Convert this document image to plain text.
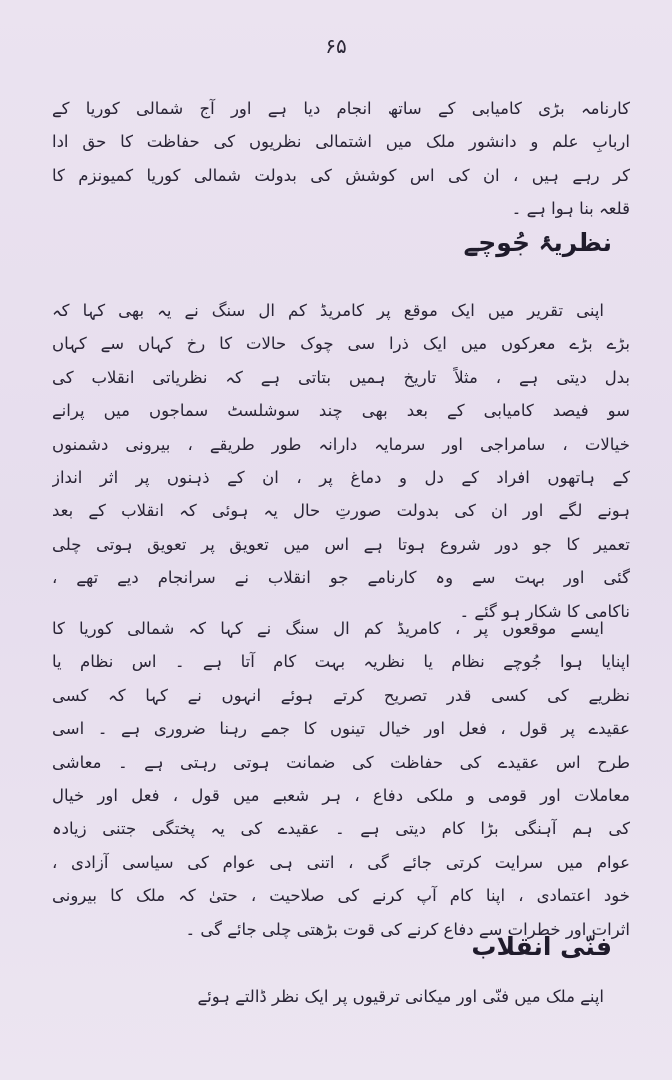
۶۵
کارنامہ بڑی کامیابی کے ساتھ انجام دیا ہے اور آج شمالی کوریا کے
اربابِ علم و دانشور ملک میں اشتمالی نظریوں کی حفاظت کا حق ادا
کر رہے ہیں ، ان کی اس کوشش کی بدولت شمالی کوریا کمیونزم کا
قلعہ بنا ہوا ہے ۔
نظریۂ جُوچے
اپنی تقریر میں ایک موقع پر کامریڈ کم ال سنگ نے یہ بھی کہا کہ
بڑے بڑے معرکوں میں ایک ذرا سی چوک حالات کا رخ کہاں سے کہاں
بدل دیتی ہے ، مثلاً تاریخ ہمیں بتاتی ہے کہ نظریاتی انقلاب کی
سو فیصد کامیابی کے بعد بھی چند سوشلسٹ سماجوں میں پرانے
خیالات ، سامراجی اور سرمایہ دارانہ طور طریقے ، بیرونی دشمنوں
کے ہاتھوں افراد کے دل و دماغ پر ، ان کے ذہنوں پر اثر انداز
ہونے لگے اور ان کی بدولت صورتِ حال یہ ہوئی کہ انقلاب کے بعد
تعمیر کا جو دور شروع ہوتا ہے اس میں تعویق پر تعویق ہوتی چلی
گئی اور بہت سے وہ کارنامے جو انقلاب نے سرانجام دیے تھے ،
ناکامی کا شکار ہو گئے ۔
ایسے موقعوں پر ، کامریڈ کم ال سنگ نے کہا کہ شمالی کوریا کا
اپنایا ہوا جُوچے نظام یا نظریہ بہت کام آتا ہے ۔ اس نظام یا
نظریے کی کسی قدر تصریح کرتے ہوئے انہوں نے کہا کہ کسی
عقیدے پر قول ، فعل اور خیال تینوں کا جمے رہنا ضروری ہے ۔ اسی
طرح اس عقیدے کی حفاظت کی ضمانت ہوتی رہتی ہے ۔ معاشی
معاملات اور قومی و ملکی دفاع ، ہر شعبے میں قول ، فعل اور خیال
کی ہم آہنگی بڑا کام دیتی ہے ۔ عقیدے کی یہ پختگی جتنی زیادہ
عوام میں سرایت کرتی جائے گی ، اتنی ہی عوام کی سیاسی آزادی ،
خود اعتمادی ، اپنا کام آپ کرنے کی صلاحیت ، حتیٰ کہ ملک کا بیرونی
اثرات اور خطرات سے دفاع کرنے کی قوت بڑھتی چلی جائے گی ۔
فنّی انقلاب
اپنے ملک میں فنّی اور میکانی ترقیوں پر ایک نظر ڈالتے ہوئے
